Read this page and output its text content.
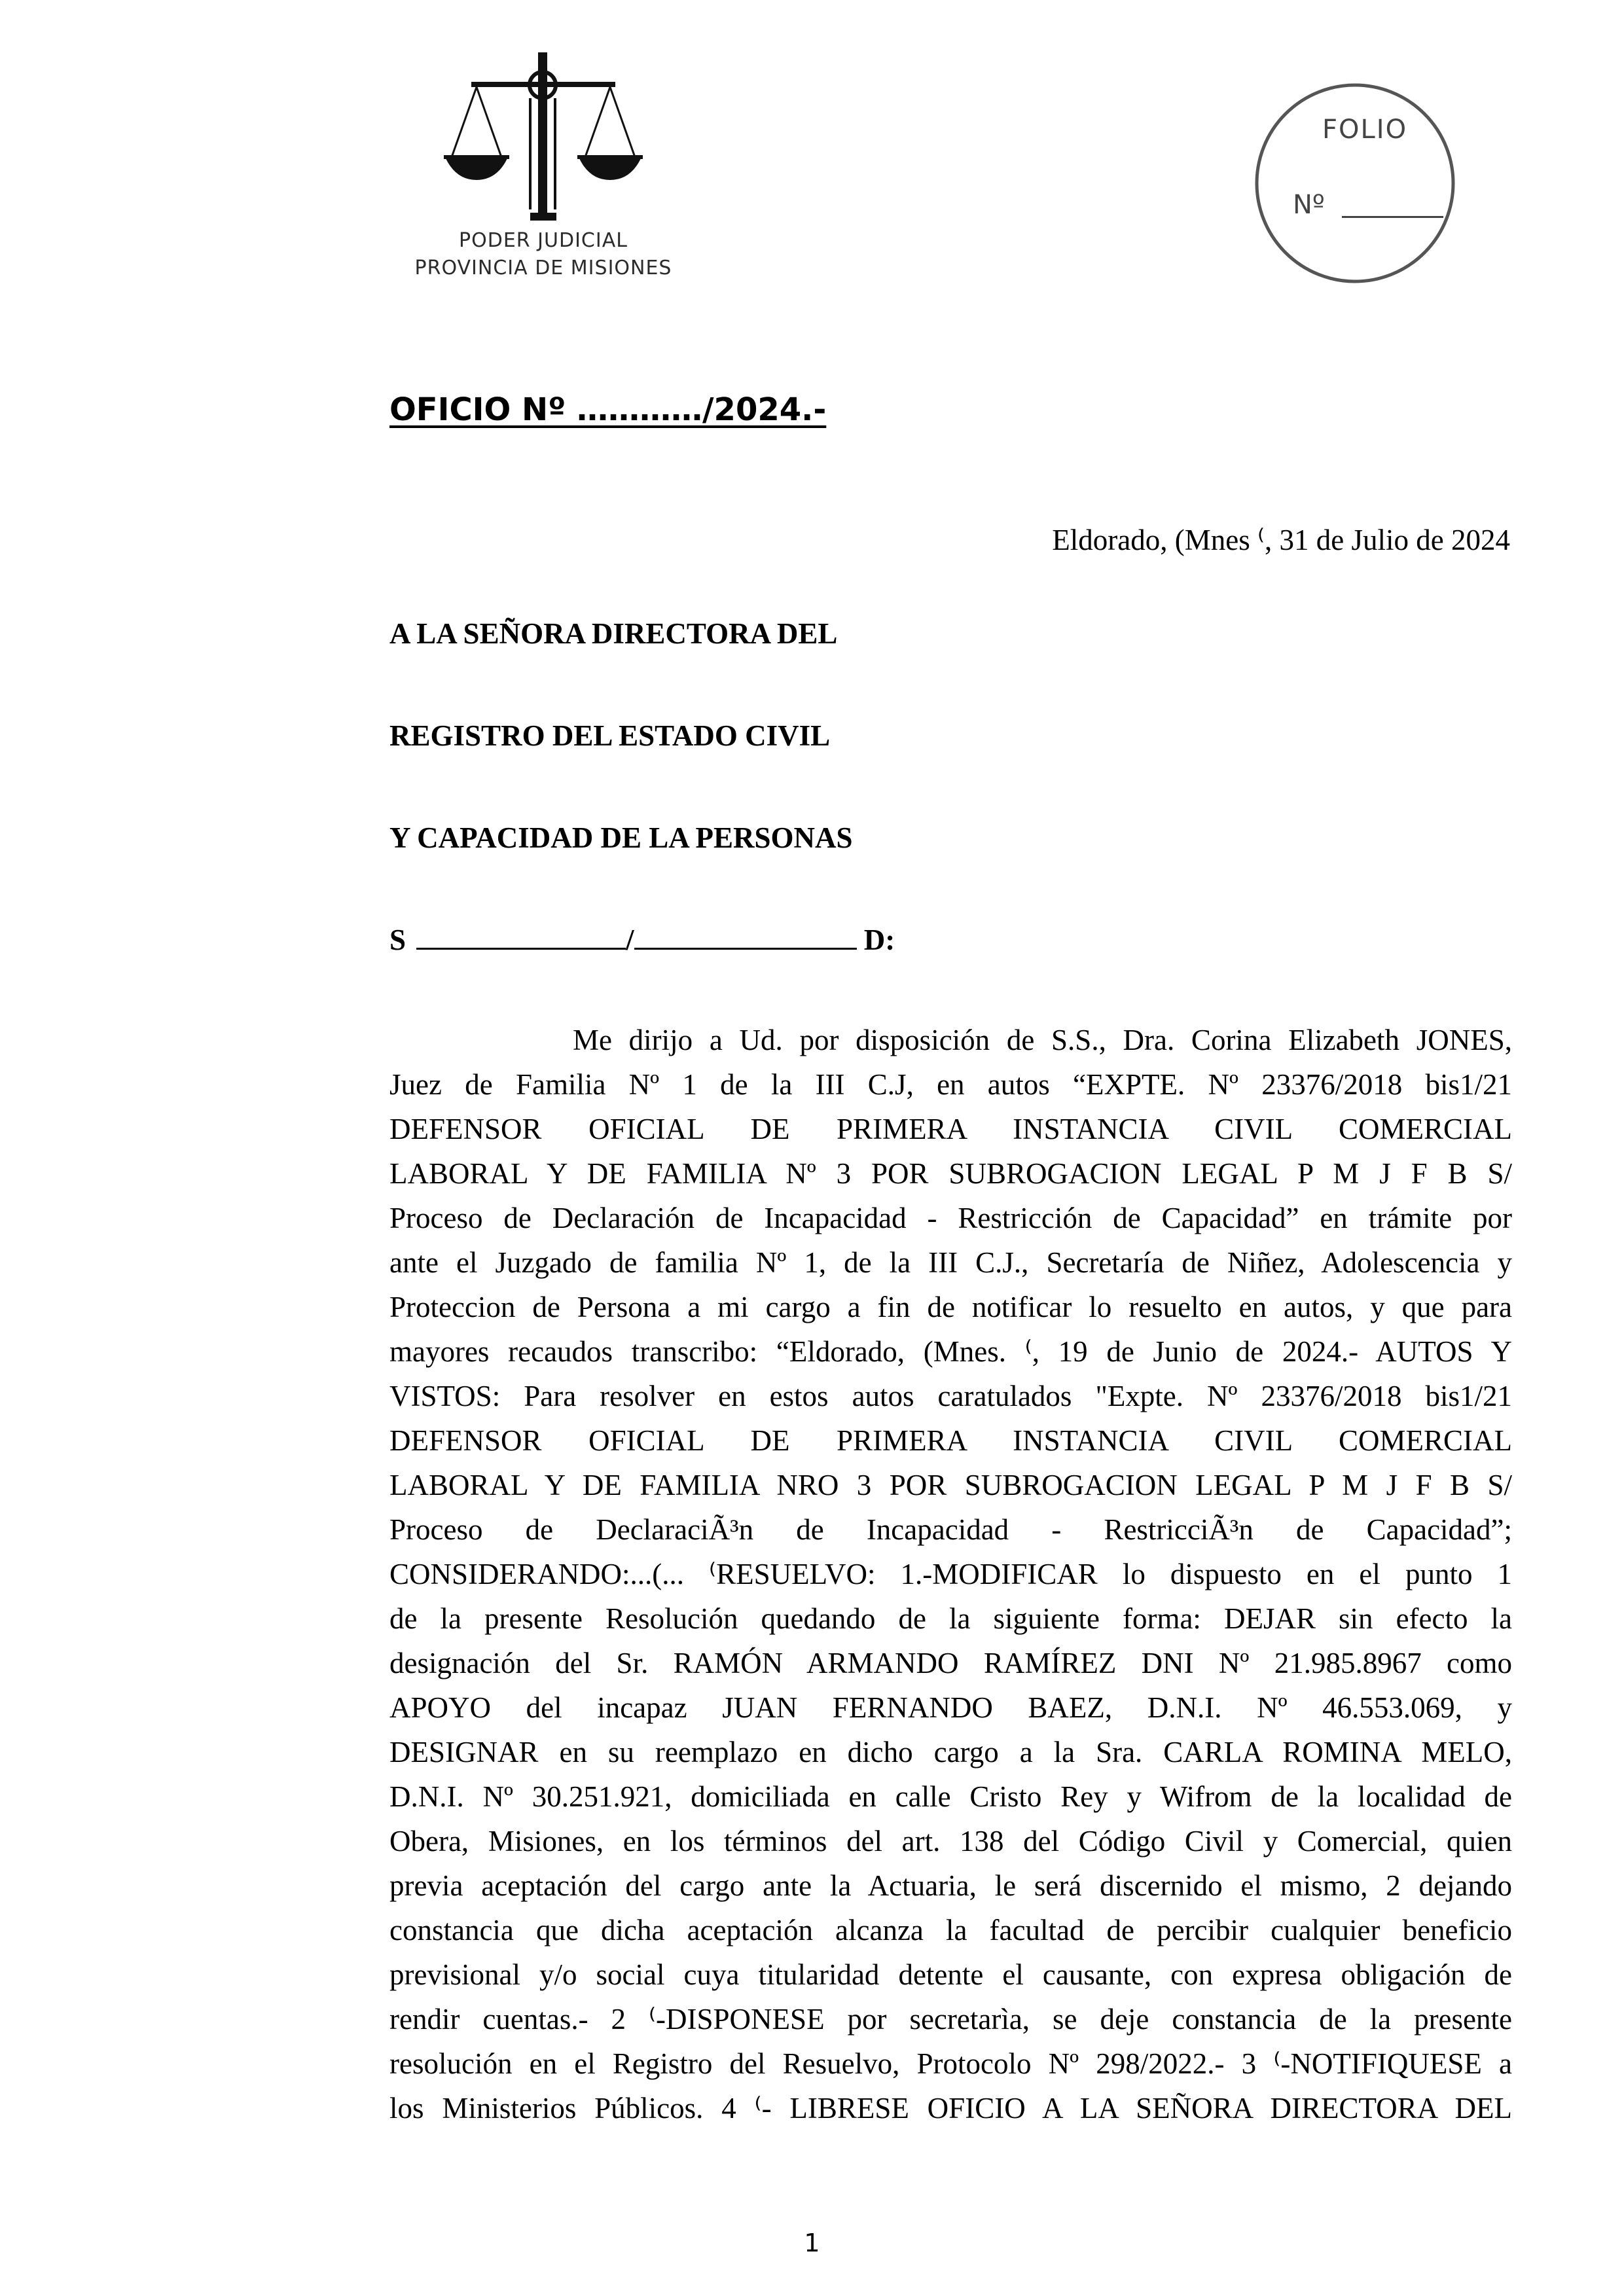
PODER JUDICIAL
PROVINCIA DE MISIONES
FOLIO
Nº
OFICIO Nº …………/2024.-
Eldorado, (Mnes ⁽, 31 de Julio de 2024
A LA SEÑORA DIRECTORA DEL
REGISTRO DEL ESTADO CIVIL
Y CAPACIDAD DE LA PERSONAS
S	/	D:
Me dirijo a Ud. por disposición de S.S., Dra. Corina Elizabeth JONES,
Juez de Familia Nº 1 de la III C.J, en autos “EXPTE. Nº 23376/2018 bis1/21
DEFENSOR OFICIAL DE PRIMERA INSTANCIA CIVIL COMERCIAL
LABORAL Y DE FAMILIA Nº 3 POR SUBROGACION LEGAL P M J F B S/
Proceso de Declaración de Incapacidad - Restricción de Capacidad” en trámite por
ante el Juzgado de familia Nº 1, de la III C.J., Secretaría de Niñez, Adolescencia y
Proteccion de Persona a mi cargo a fin de notificar lo resuelto en autos, y que para
mayores recaudos transcribo: “Eldorado, (Mnes. ⁽, 19 de Junio de 2024.- AUTOS Y
VISTOS: Para resolver en estos autos caratulados "Expte. Nº 23376/2018 bis1/21
DEFENSOR OFICIAL DE PRIMERA INSTANCIA CIVIL COMERCIAL
LABORAL Y DE FAMILIA NRO 3 POR SUBROGACION LEGAL P M J F B S/
Proceso de DeclaraciÃ³n de Incapacidad - RestricciÃ³n de Capacidad”;
CONSIDERANDO:...(... ⁽RESUELVO: 1.-MODIFICAR lo dispuesto en el punto 1
de la presente Resolución quedando de la siguiente forma: DEJAR sin efecto la
designación del Sr. RAMÓN ARMANDO RAMÍREZ DNI Nº 21.985.8967 como
APOYO del incapaz JUAN FERNANDO BAEZ, D.N.I. Nº 46.553.069, y
DESIGNAR en su reemplazo en dicho cargo a la Sra. CARLA ROMINA MELO,
D.N.I. Nº 30.251.921, domiciliada en calle Cristo Rey y Wifrom de la localidad de
Obera, Misiones, en los términos del art. 138 del Código Civil y Comercial, quien
previa aceptación del cargo ante la Actuaria, le será discernido el mismo, 2 dejando
constancia que dicha aceptación alcanza la facultad de percibir cualquier beneficio
previsional y/o social cuya titularidad detente el causante, con expresa obligación de
rendir cuentas.- 2 ⁽-DISPONESE por secretarìa, se deje constancia de la presente
resolución en el Registro del Resuelvo, Protocolo Nº 298/2022.- 3 ⁽-NOTIFIQUESE a
los Ministerios Públicos. 4 ⁽- LIBRESE OFICIO A LA SEÑORA DIRECTORA DEL
1
